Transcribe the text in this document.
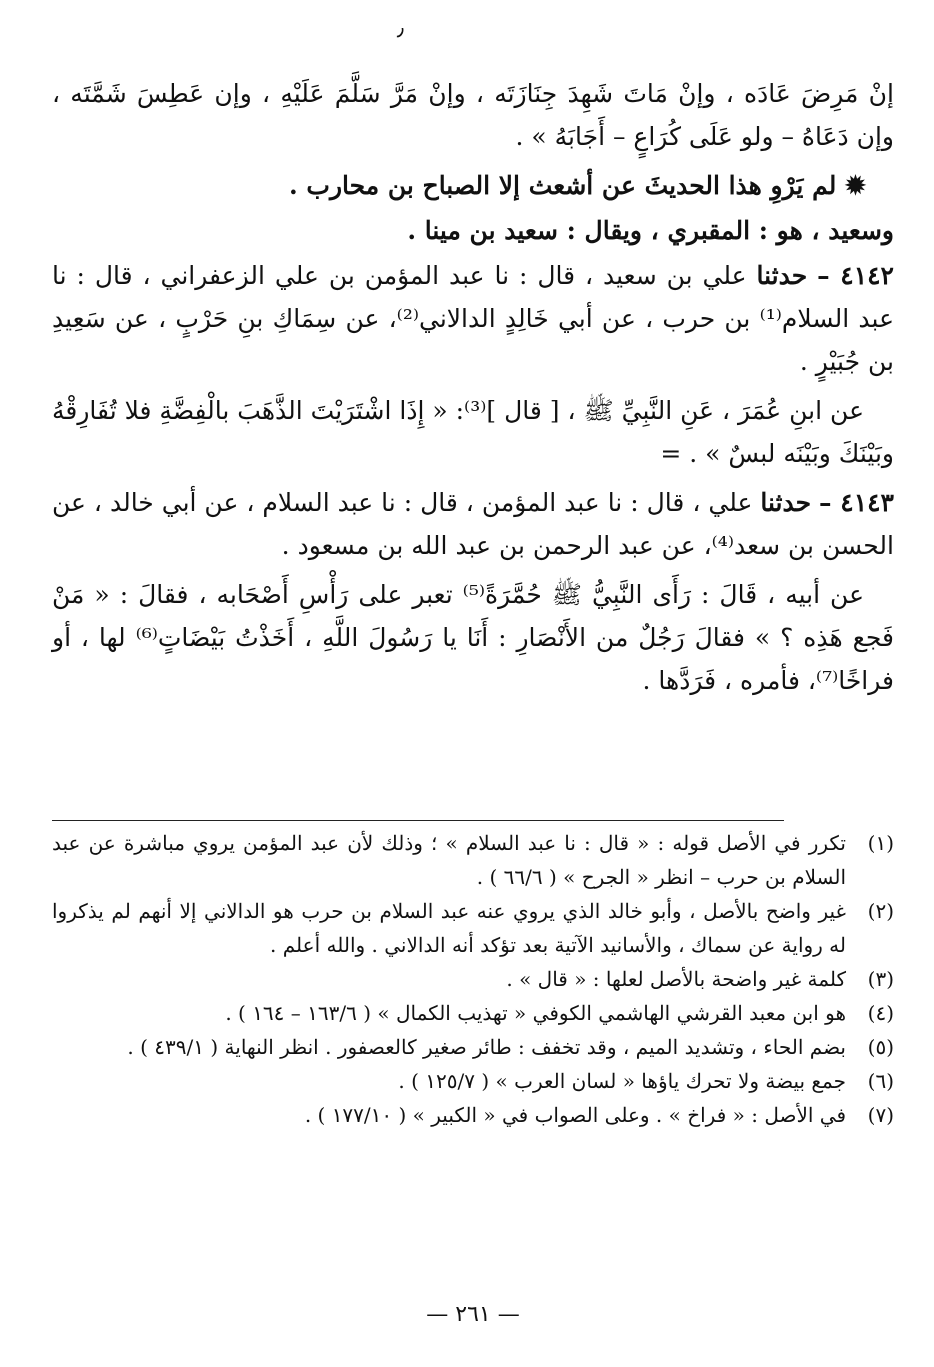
٫

إنْ مَرِضَ عَادَه ، وإنْ مَاتَ شَهِدَ جِنَازَتَه ، وإنْ مَرَّ سَلَّمَ عَلَيْهِ ، وإن عَطِسَ شَمَّتَه ، وإن دَعَاهُ – ولو عَلَى كُرَاعٍ – أَجَابَهُ » .

✹ لم يَرْوِ هذا الحديثَ عن أشعث إلا الصباح بن محارب .

وسعيد ، هو : المقبري ، ويقال : سعيد بن مينا .

٤١٤٢ – حدثنا علي بن سعيد ، قال : نا عبد المؤمن بن علي الزعفراني ، قال : نا عبد السلام⁽¹⁾ بن حرب ، عن أبي خَالِدٍ الدالاني⁽²⁾، عن سِمَاكِ بنِ حَرْبٍ ، عن سَعِيدِ بن جُبَيْرٍ .

عن ابنِ عُمَرَ ، عَنِ النَّبِيِّ ﷺ ، [ قال ]⁽³⁾: « إِذَا اشْتَرَيْتَ الذَّهَبَ بالْفِضَّةِ فلا تُفَارِقْهُ وبَيْنَكَ وبَيْنَه لبسٌ » . =

٤١٤٣ – حدثنا علي ، قال : نا عبد المؤمن ، قال : نا عبد السلام ، عن أبي خالد ، عن الحسن بن سعد⁽⁴⁾، عن عبد الرحمن بن عبد الله بن مسعود .

عن أبيه ، قَالَ : رَأَى النَّبِيُّ ﷺ حُمَّرَةً⁽⁵⁾ تعبر على رَأْسِ أَصْحَابه ، فقالَ : « مَنْ فَجع هَذِه ؟ » فقالَ رَجُلٌ من الأَنْصَارِ : أَنَا يا رَسُولَ اللَّهِ ، أَخَذْتُ بَيْضَاتٍ⁽⁶⁾ لها ، أو فراخًا⁽⁷⁾، فأمره ، فَرَدَّها .

(١)
تكرر في الأصل قوله : « قال : نا عبد السلام » ؛ وذلك لأن عبد المؤمن يروي مباشرة عن عبد السلام بن حرب – انظر « الجرح » ( ٦٦/٦ ) .
(٢)
غير واضح بالأصل ، وأبو خالد الذي يروي عنه عبد السلام بن حرب هو الدالاني إلا أنهم لم يذكروا له رواية عن سماك ، والأسانيد الآتية بعد تؤكد أنه الدالاني . والله أعلم .
(٣)
كلمة غير واضحة بالأصل لعلها : « قال » .
(٤)
هو ابن معبد القرشي الهاشمي الكوفي « تهذيب الكمال » ( ١٦٣/٦ – ١٦٤ ) .
(٥)
بضم الحاء ، وتشديد الميم ، وقد تخفف : طائر صغير كالعصفور . انظر النهاية ( ٤٣٩/١ ) .
(٦)
جمع بيضة ولا تحرك ياؤها « لسان العرب » ( ١٢٥/٧ ) .
(٧)
في الأصل : « فراخ » . وعلى الصواب في « الكبير » ( ١٧٧/١٠ ) .
— ٢٦١ —
